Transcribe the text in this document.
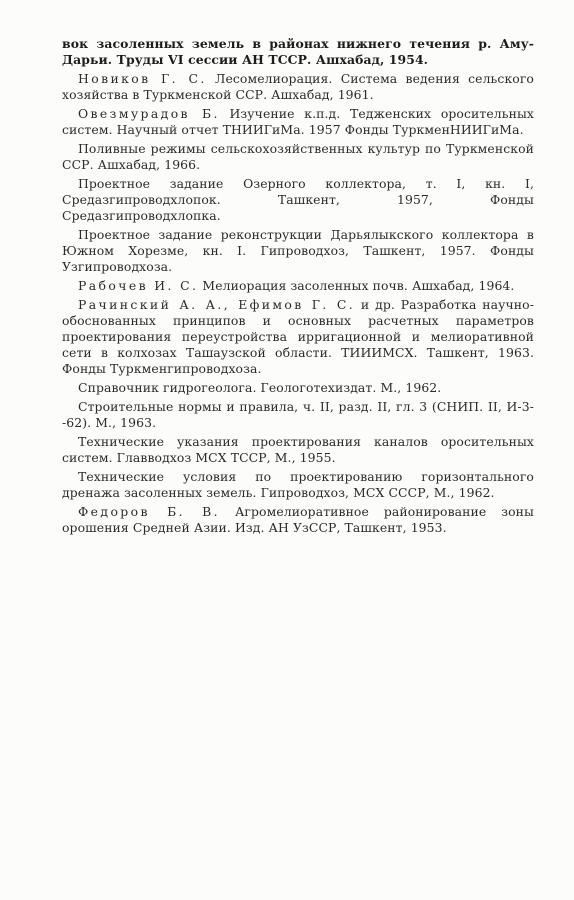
вок засоленных земель в районах нижнего течения р. Аму-Дарьи. Труды VI сессии АН ТССР. Ашхабад, 1954.

Новиков Г. С. Лесомелиорация. Система ведения сельского хозяйства в Туркменской ССР. Ашхабад, 1961.

Овезмурадов Б. Изучение к.п.д. Теджeнских оросительных систем. Научный отчет ТНИИГиМа. 1957 Фонды ТуркмeнНИИГиМа.

Поливные режимы сельскохозяйственных культур по Туркменской ССР. Ашхабад, 1966.

Проектное задание Озерного коллектора, т. I, кн. I, Средазгипроводхлопок. Ташкент, 1957, Фонды Средазгипроводхлопка.

Проектное задание реконструкции Дарьялыкского коллектора в Южном Хорезме, кн. I. Гипроводхоз, Ташкент, 1957. Фонды Узгипроводхоза.

Рабочев И. С. Мелиорация засоленных почв. Ашхабад, 1964.

Рачинский А. А., Ефимов Г. С. и др. Разработка научно-обоснованных принципов и основных расчетных параметров проектирования переустройства ирригационной и мелиоративной сети в колхозах Ташаузской области. ТИИИМСХ. Ташкент, 1963. Фонды Туркменгипроводхоза.

Справочник гидрогеолога. Геологотехиздат. М., 1962.

Строительные нормы и правила, ч. II, разд. II, гл. 3 (СНИП. II, И-3--62). М., 1963.

Технические указания проектирования каналов оросительных систем. Главводхоз МСХ ТССР, М., 1955.

Технические условия по проектированию горизонтального дренажа засоленных земель. Гипроводхоз, МСХ СССР, М., 1962.

Федоров Б. В. Агромелиоративное районирование зоны орошения Средней Азии. Изд. АН УзССР, Ташкент, 1953.
